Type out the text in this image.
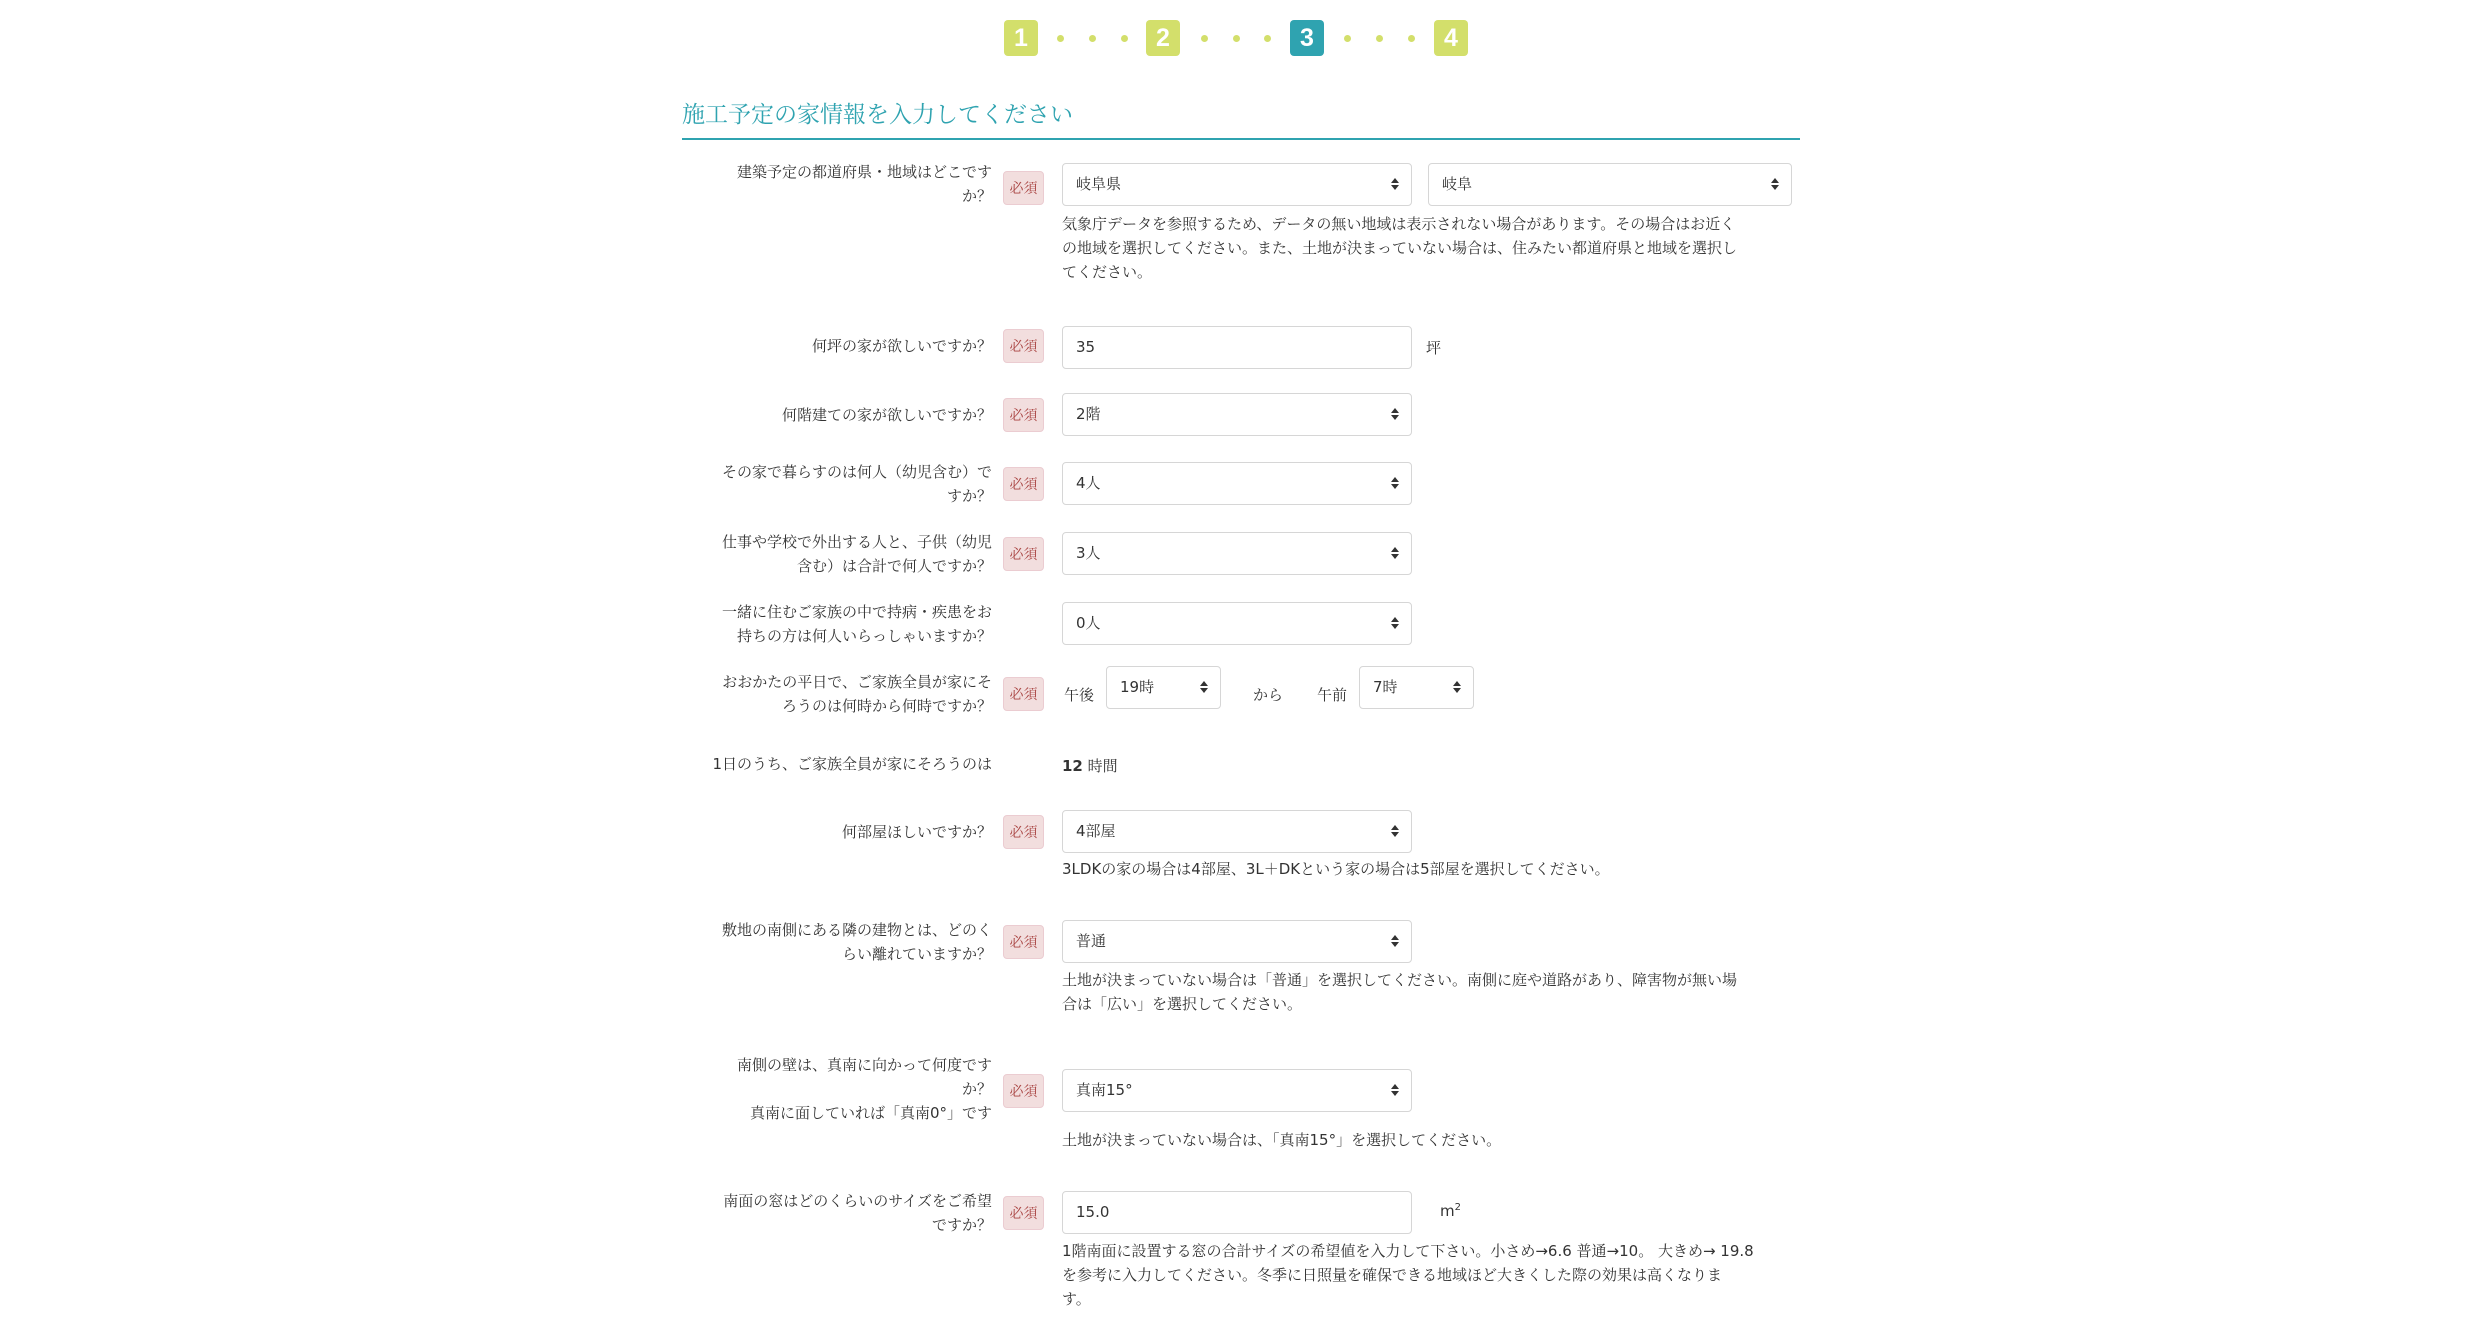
1	2	3	4
施工予定の家情報を入力してください
建築予定の都道府県・地域はどこです
か？	必須	岐阜県	岐阜
気象庁データを参照するため、データの無い地域は表示されない場合があります。その場合はお近く
の地域を選択してください。また、土地が決まっていない場合は、住みたい都道府県と地域を選択し
てください。
何坪の家が欲しいですか？	必須	35	坪
何階建ての家が欲しいですか？	必須	2階
その家で暮らすのは何人（幼児含む）で
すか？
必須	4人
仕事や学校で外出する人と、子供（幼児
含む）は合計で何人ですか？
必須	3人
一緒に住むご家族の中で持病・疾患をお
持ちの方は何人いらっしゃいますか？
0人
おおかたの平日で、ご家族全員が家にそ
ろうのは何時から何時ですか？
必須	午後	19時	から 午前	7時
1日のうち、ご家族全員が家にそろうのは	12 時間
何部屋ほしいですか？	必須	4部屋
3LDKの家の場合は4部屋、3L＋DKという家の場合は5部屋を選択してください。
敷地の南側にある隣の建物とは、どのく
らい離れていますか？
必須	普通
土地が決まっていない場合は「普通」を選択してください。南側に庭や道路があり、障害物が無い場
合は「広い」を選択してください。
南側の壁は、真南に向かって何度です
か？
真南に面していれば「真南0°」です
必須	真南15°
土地が決まっていない場合は、「真南15°」を選択してください。
南面の窓はどのくらいのサイズをご希望
ですか？
必須	15.0	$m^2$
1階南面に設置する窓の合計サイズの希望値を入力して下さい。小さめ→6.6 普通→10。 大きめ→ 19.8
を参考に入力してください。冬季に日照量を確保できる地域ほど大きくした際の効果は高くなりま
す。
